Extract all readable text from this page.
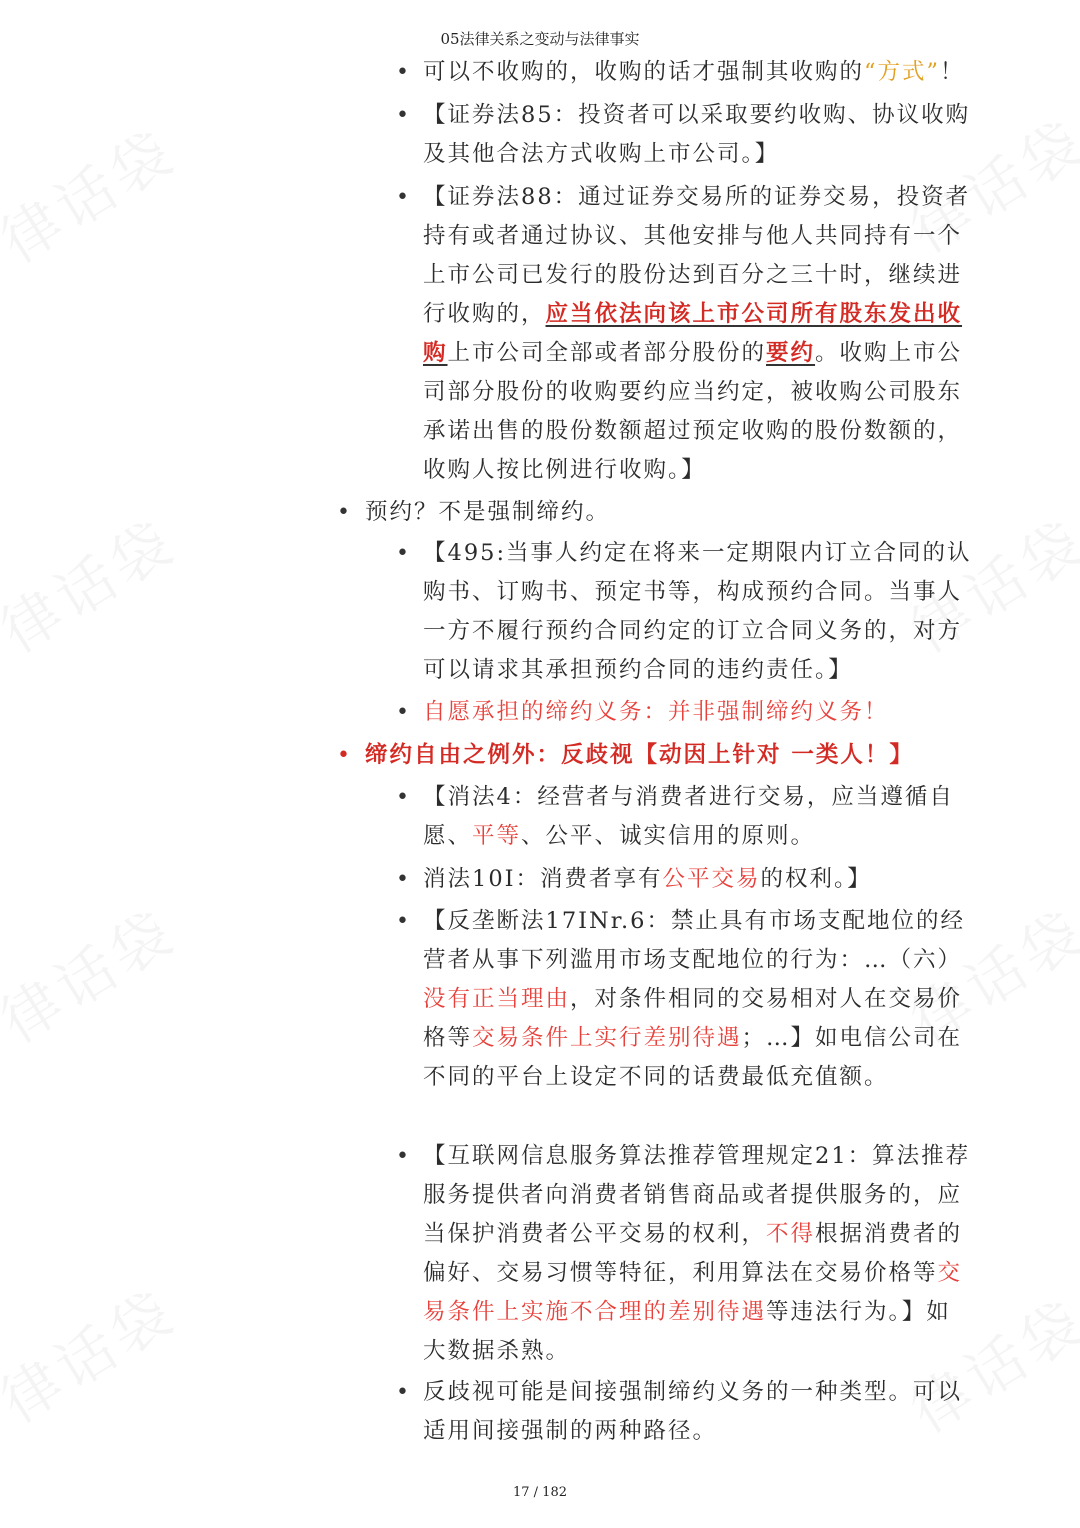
05法律关系之变动与法律事实
• 可以不收购的，收购的话才强制其收购的“方式”！
• 【证券法85：投资者可以采取要约收购、协议收购及其他合法方式收购上市公司。】
• 【证券法88：通过证券交易所的证券交易，投资者持有或者通过协议、其他安排与他人共同持有一个上市公司已发行的股份达到百分之三十时，继续进行收购的，应当依法向该上市公司所有股东发出收购上市公司全部或者部分股份的要约。收购上市公司部分股份的收购要约应当约定，被收购公司股东承诺出售的股份数额超过预定收购的股份数额的，收购人按比例进行收购。】
• 预约？不是强制缔约。
• 【495:当事人约定在将来一定期限内订立合同的认购书、订购书、预定书等，构成预约合同。当事人一方不履行预约合同约定的订立合同义务的，对方可以请求其承担预约合同的违约责任。】
• 自愿承担的缔约义务：并非强制缔约义务！
• 缔约自由之例外：反歧视【动因上针对 一类人！】
• 【消法4：经营者与消费者进行交易，应当遵循自愿、平等、公平、诚实信用的原则。
• 消法10I：消费者享有公平交易的权利。】
• 【反垄断法17INr.6：禁止具有市场支配地位的经营者从事下列滥用市场支配地位的行为：…（六）没有正当理由，对条件相同的交易相对人在交易价格等交易条件上实行差别待遇；…】如电信公司在不同的平台上设定不同的话费最低充值额。
• 【互联网信息服务算法推荐管理规定21：算法推荐服务提供者向消费者销售商品或者提供服务的，应当保护消费者公平交易的权利，不得根据消费者的偏好、交易习惯等特征，利用算法在交易价格等交易条件上实施不合理的差别待遇等违法行为。】如 大数据杀熟。
• 反歧视可能是间接强制缔约义务的一种类型。可以适用间接强制的两种路径。
17 / 182
